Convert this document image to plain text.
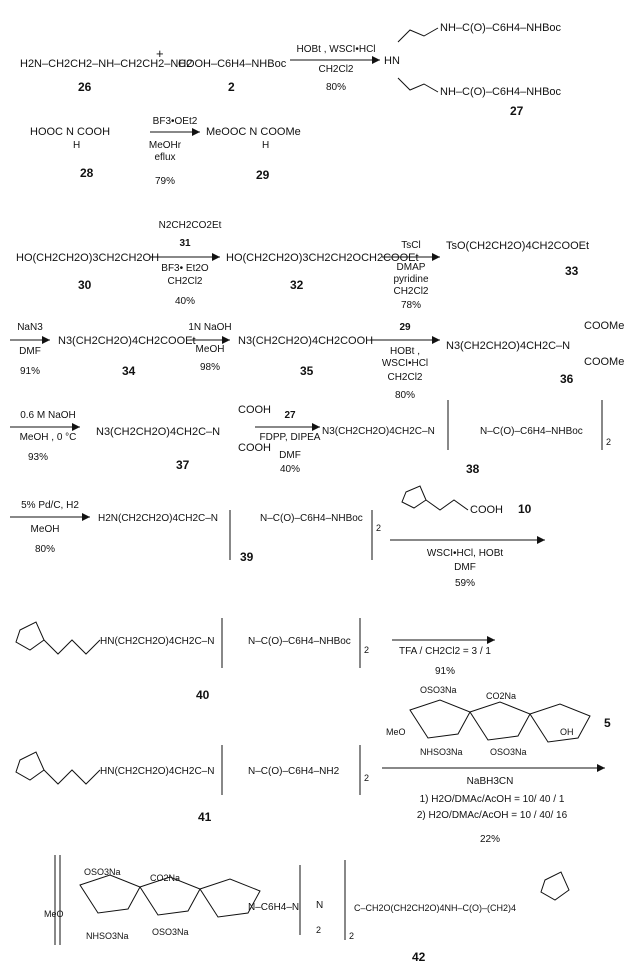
H2N–CH2CH2–NH–CH2CH2–NH2
26
+
COOH–C6H4–NHBoc
2
HOBt , WSCI•HCl
CH2Cl2
80%
NH–C(O)–C6H4–NHBoc
HN
NH–C(O)–C6H4–NHBoc
27
HOOC N COOH
H
28
BF3•OEt2
MeOHr
eflux
79%
MeOOC N COOMe
H
29
HO(CH2CH2O)3CH2CH2OH
30
N2CH2CO2Et
31
BF3• Et2O
CH2Cl2
40%
HO(CH2CH2O)3CH2CH2OCH2COOEt
32
TsCl
DMAP
pyridine
CH2Cl2
78%
TsO(CH2CH2O)4CH2COOEt
33
NaN3
DMF
91%
N3(CH2CH2O)4CH2COOEt
34
1N NaOH
MeOH
98%
N3(CH2CH2O)4CH2COOH
35
29
HOBt ,
WSCI•HCl
CH2Cl2
80%
N3(CH2CH2O)4CH2C–N
COOMe
COOMe
36
0.6 M NaOH
MeOH , 0 °C
93%
N3(CH2CH2O)4CH2C–N
COOH
COOH
37
27
FDPP, DIPEA
DMF
40%
N3(CH2CH2O)4CH2C–N	N–C(O)–C6H4–NHBoc
2
38
5% Pd/C, H2
MeOH
80%
H2N(CH2CH2O)4CH2C–N	N–C(O)–C6H4–NHBoc
2
39
COOH 10
WSCI•HCl, HOBt
DMF
59%
HN(CH2CH2O)4CH2C–N	N–C(O)–C6H4–NHBoc
2
40
TFA / CH2Cl2 = 3 / 1
91%
HN(CH2CH2O)4CH2C–N	N–C(O)–C6H4–NH2
2
41
OSO3Na
CO2Na
MeO	OH
NHSO3Na	OSO3Na
5
NaBH3CN
1) H2O/DMAc/AcOH = 10/ 40 / 1
2) H2O/DMAc/AcOH = 10 / 40/ 16
22%
OSO3Na
CO2Na
MeO
NHSO3Na	OSO3Na
N–C6H4–N N
2
2
C–CH2O(CH2CH2O)4NH–C(O)–(CH2)4
42
